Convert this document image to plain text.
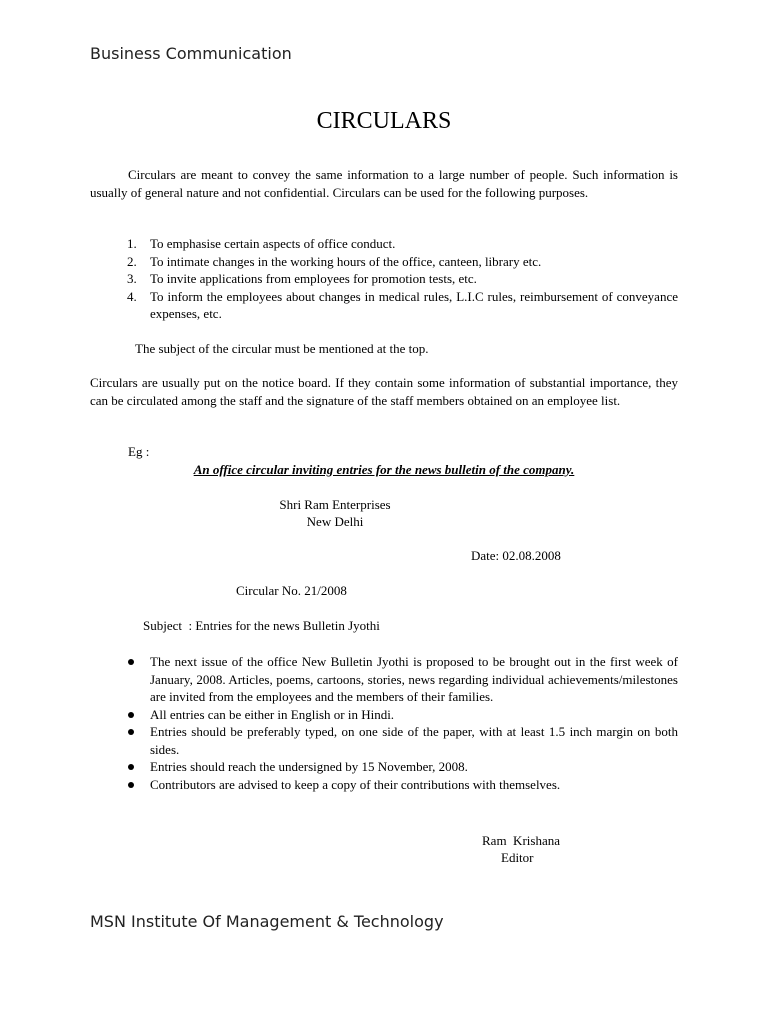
Business Communication
CIRCULARS

Circulars are meant to convey the same information to a large number of people. Such information is usually of general nature and not confidential. Circulars can be used for the following purposes.

1. To emphasise certain aspects of office conduct.
2. To intimate changes in the working hours of the office, canteen, library etc.
3. To invite applications from employees for promotion tests, etc.
4. To inform the employees about changes in medical rules, L.I.C rules, reimbursement of conveyance expenses, etc.

The subject of the circular must be mentioned at the top.

Circulars are usually put on the notice board. If they contain some information of substantial importance, they can be circulated among the staff and the signature of the staff members obtained on an employee list.

Eg :

An office circular inviting entries for the news bulletin of the company.

Shri Ram Enterprises

New Delhi

Date: 02.08.2008

Circular No. 21/2008

Subject  : Entries for the news Bulletin Jyothi

The next issue of the office New Bulletin Jyothi is proposed to be brought out in the first week of January, 2008. Articles, poems, cartoons, stories, news regarding individual achievements/milestones are invited from the employees and the members of their families.
All entries can be either in English or in Hindi.
Entries should be preferably typed, on one side of the paper, with at least 1.5 inch margin on both sides.
Entries should reach the undersigned by 15 November, 2008.
Contributors are advised to keep a copy of their contributions with themselves.

Ram  Krishana

Editor

MSN Institute Of Management & Technology
